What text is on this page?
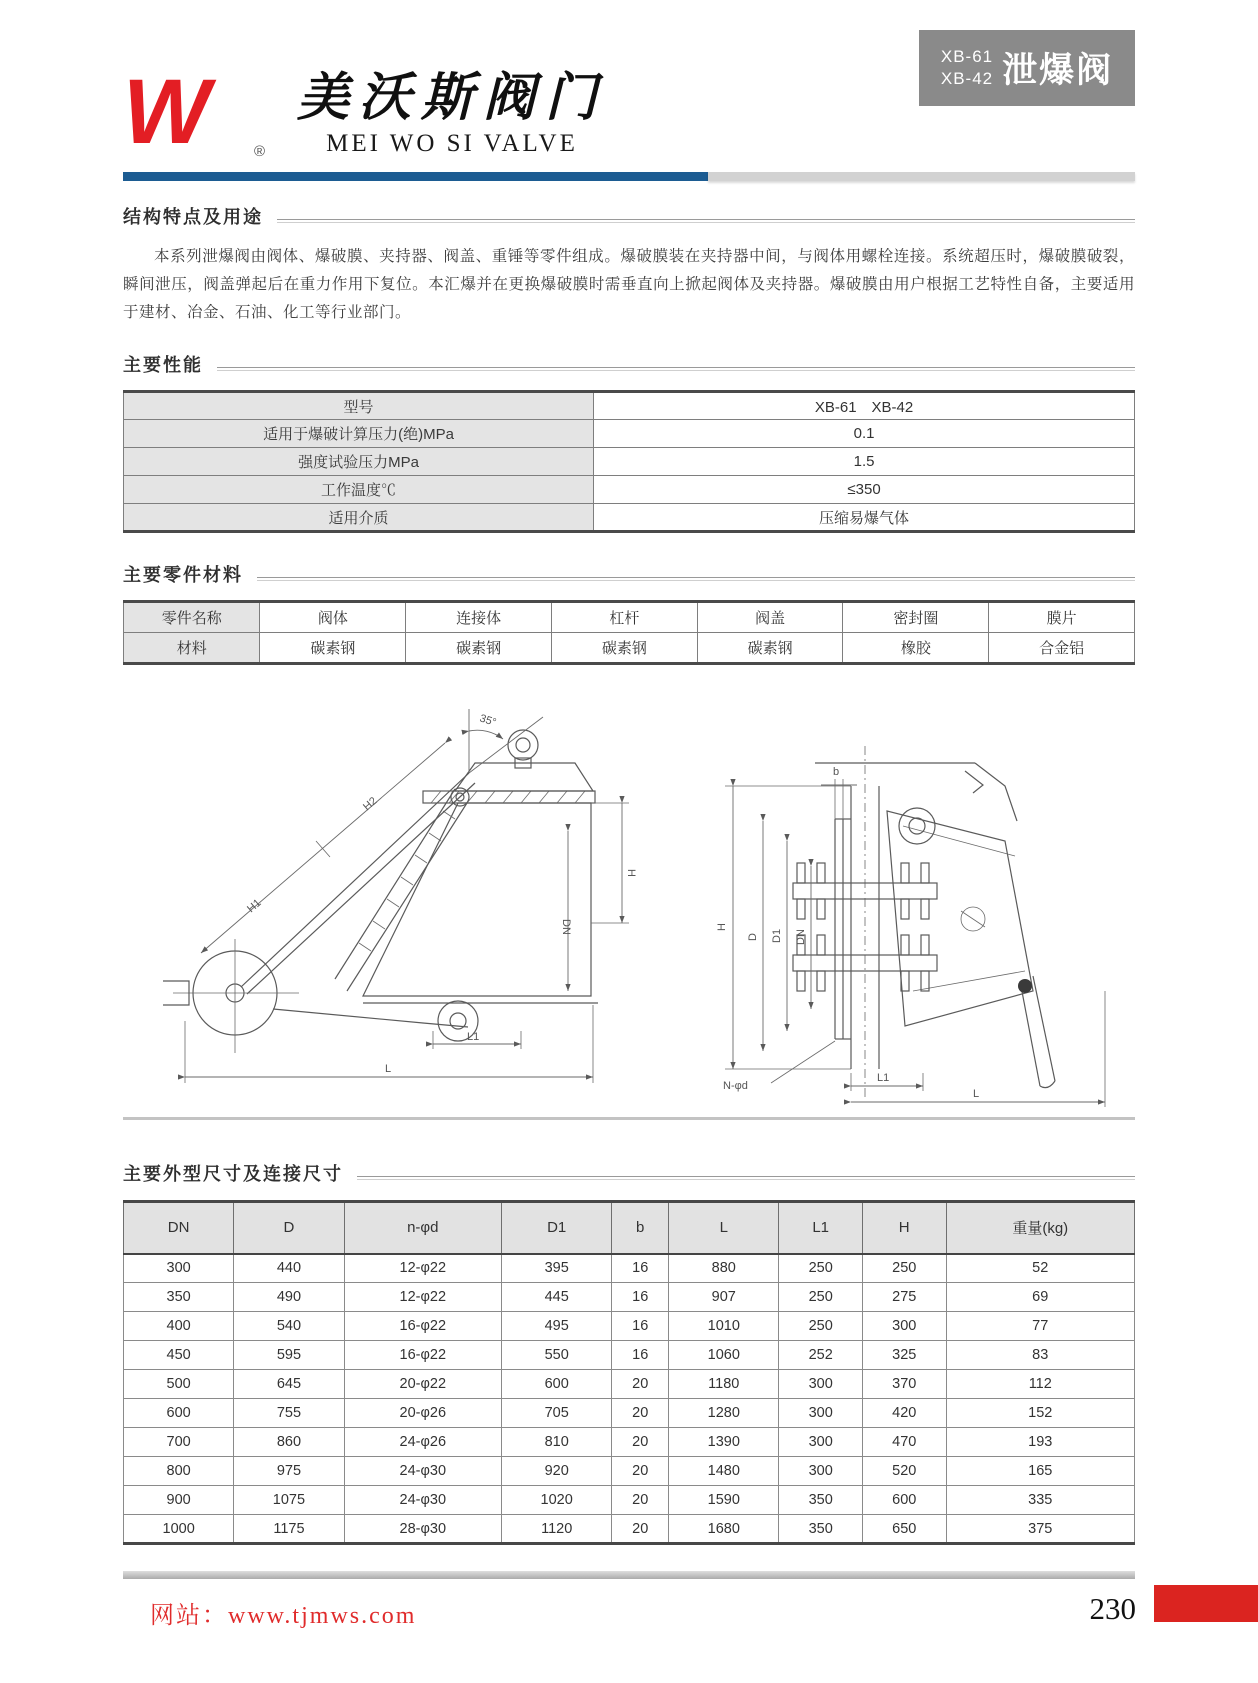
W	®
美沃斯阀门
MEI WO SI VALVE
XB-61
XB-42 泄爆阀
结构特点及用途

本系列泄爆阀由阀体、爆破膜、夹持器、阀盖、重锤等零件组成。爆破膜装在夹持器中间，与阀体用螺栓连接。系统超压时，爆破膜破裂，瞬间泄压，阀盖弹起后在重力作用下复位。本汇爆并在更换爆破膜时需垂直向上掀起阀体及夹持器。爆破膜由用户根据工艺特性自备，主要适用于建材、冶金、石油、化工等行业部门。

主要性能
型号	XB-61　XB-42
适用于爆破计算压力(绝)MPa	0.1
强度试验压力MPa	1.5
工作温度℃	≤350
适用介质	压缩易爆气体
主要零件材料
零件名称	阀体	连接体	杠杆	阀盖	密封圈	膜片
材料	碳素钢	碳素钢	碳素钢	碳素钢	橡胶	合金铝
35°
H2
H1
H
DN
L1
L
H
D D1 DN
b
N-φd
L1
L
主要外型尺寸及连接尺寸
DN	D	n-φd	D1	b	L	L1	H	重量(kg)
300	440	12-φ22	395	16	880	250	250	52
350	490	12-φ22	445	16	907	250	275	69
400	540	16-φ22	495	16	1010	250	300	77
450	595	16-φ22	550	16	1060	252	325	83
500	645	20-φ22	600	20	1180	300	370	112
600	755	20-φ26	705	20	1280	300	420	152
700	860	24-φ26	810	20	1390	300	470	193
800	975	24-φ30	920	20	1480	300	520	165
900	1075	24-φ30	1020	20	1590	350	600	335
1000	1175	28-φ30	1120	20	1680	350	650	375
网站：www.tjmws.com	230
